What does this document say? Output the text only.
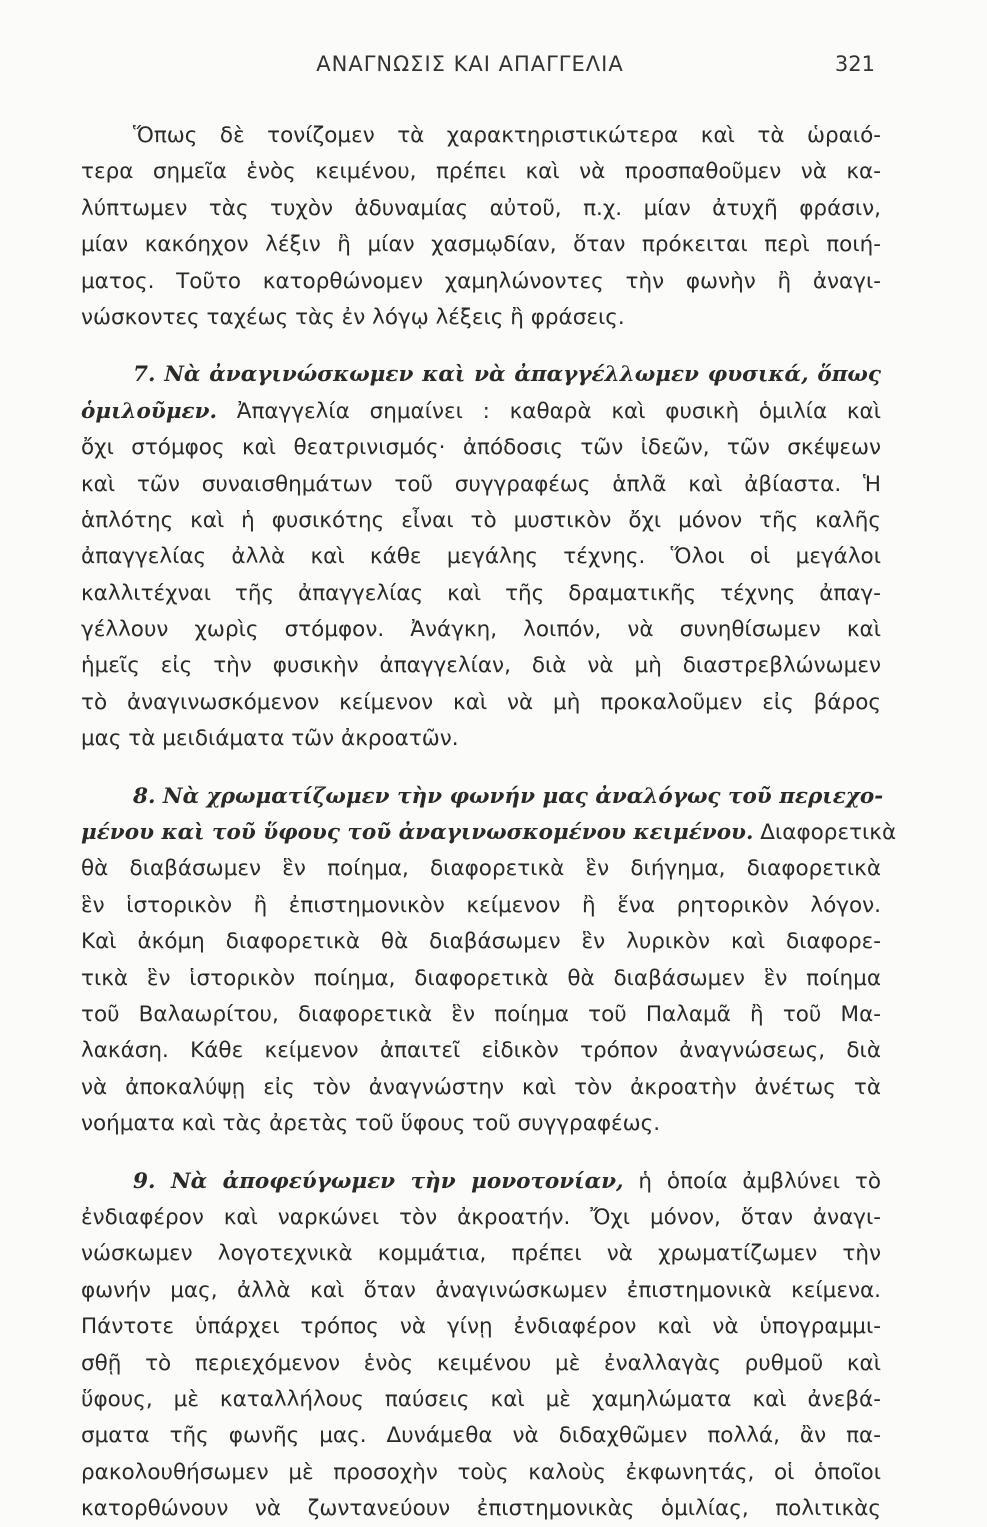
ΑΝΑΓΝΩΣΙΣ ΚΑΙ ΑΠΑΓΓΕΛΙΑ	321
Ὅπως δὲ τονίζομεν τὰ χαρακτηριστικώτερα καὶ τὰ ὡραιό-
τερα σημεῖα ἑνὸς κειμένου, πρέπει καὶ νὰ προσπαθοῦμεν νὰ κα-
λύπτωμεν τὰς τυχὸν ἀδυναμίας αὐτοῦ, π.χ. μίαν ἀτυχῆ φράσιν,
μίαν κακόηχον λέξιν ἢ μίαν χασμῳδίαν, ὅταν πρόκειται περὶ ποιή-
ματος. Τοῦτο κατορθώνομεν χαμηλώνοντες τὴν φωνὴν ἢ ἀναγι-
νώσκοντες ταχέως τὰς ἐν λόγῳ λέξεις ἢ φράσεις.
7. Νὰ ἀναγινώσκωμεν καὶ νὰ ἀπαγγέλλωμεν φυσικά, ὅπως
ὁμιλοῦμεν. Ἀπαγγελία σημαίνει : καθαρὰ καὶ φυσικὴ ὁμιλία καὶ
ὄχι στόμφος καὶ θεατρινισμός· ἀπόδοσις τῶν ἰδεῶν, τῶν σκέψεων
καὶ τῶν συναισθημάτων τοῦ συγγραφέως ἁπλᾶ καὶ ἀβίαστα. Ἡ
ἁπλότης καὶ ἡ φυσικότης εἶναι τὸ μυστικὸν ὄχι μόνον τῆς καλῆς
ἀπαγγελίας ἀλλὰ καὶ κάθε μεγάλης τέχνης. Ὅλοι οἱ μεγάλοι
καλλιτέχναι τῆς ἀπαγγελίας καὶ τῆς δραματικῆς τέχνης ἀπαγ-
γέλλουν χωρὶς στόμφον. Ἀνάγκη, λοιπόν, νὰ συνηθίσωμεν καὶ
ἡμεῖς εἰς τὴν φυσικὴν ἀπαγγελίαν, διὰ νὰ μὴ διαστρεβλώνωμεν
τὸ ἀναγινωσκόμενον κείμενον καὶ νὰ μὴ προκαλοῦμεν εἰς βάρος
μας τὰ μειδιάματα τῶν ἀκροατῶν.
8. Νὰ χρωματίζωμεν τὴν φωνήν μας ἀναλόγως τοῦ περιεχο-
μένου καὶ τοῦ ὕφους τοῦ ἀναγινωσκομένου κειμένου. Διαφορετικὰ
θὰ διαβάσωμεν ἓν ποίημα, διαφορετικὰ ἓν διήγημα, διαφορετικὰ
ἓν ἱστορικὸν ἢ ἐπιστημονικὸν κείμενον ἢ ἕνα ρητορικὸν λόγον.
Καὶ ἀκόμη διαφορετικὰ θὰ διαβάσωμεν ἓν λυρικὸν καὶ διαφορε-
τικὰ ἓν ἱστορικὸν ποίημα, διαφορετικὰ θὰ διαβάσωμεν ἓν ποίημα
τοῦ Βαλαωρίτου, διαφορετικὰ ἓν ποίημα τοῦ Παλαμᾶ ἢ τοῦ Μα-
λακάση. Κάθε κείμενον ἀπαιτεῖ εἰδικὸν τρόπον ἀναγνώσεως, διὰ
νὰ ἀποκαλύψῃ εἰς τὸν ἀναγνώστην καὶ τὸν ἀκροατὴν ἀνέτως τὰ
νοήματα καὶ τὰς ἀρετὰς τοῦ ὕφους τοῦ συγγραφέως.
9. Νὰ ἀποφεύγωμεν τὴν μονοτονίαν, ἡ ὁποία ἀμβλύνει τὸ
ἐνδιαφέρον καὶ ναρκώνει τὸν ἀκροατήν. Ὄχι μόνον, ὅταν ἀναγι-
νώσκωμεν λογοτεχνικὰ κομμάτια, πρέπει νὰ χρωματίζωμεν τὴν
φωνήν μας, ἀλλὰ καὶ ὅταν ἀναγινώσκωμεν ἐπιστημονικὰ κείμενα.
Πάντοτε ὑπάρχει τρόπος νὰ γίνῃ ἐνδιαφέρον καὶ νὰ ὑπογραμμι-
σθῇ τὸ περιεχόμενον ἑνὸς κειμένου μὲ ἐναλλαγὰς ρυθμοῦ καὶ
ὕφους, μὲ καταλλήλους παύσεις καὶ μὲ χαμηλώματα καὶ ἀνεβά-
σματα τῆς φωνῆς μας. Δυνάμεθα νὰ διδαχθῶμεν πολλά, ἂν πα-
ρακολουθήσωμεν μὲ προσοχὴν τοὺς καλοὺς ἐκφωνητάς, οἱ ὁποῖοι
κατορθώνουν νὰ ζωντανεύουν ἐπιστημονικὰς ὁμιλίας, πολιτικὰς
